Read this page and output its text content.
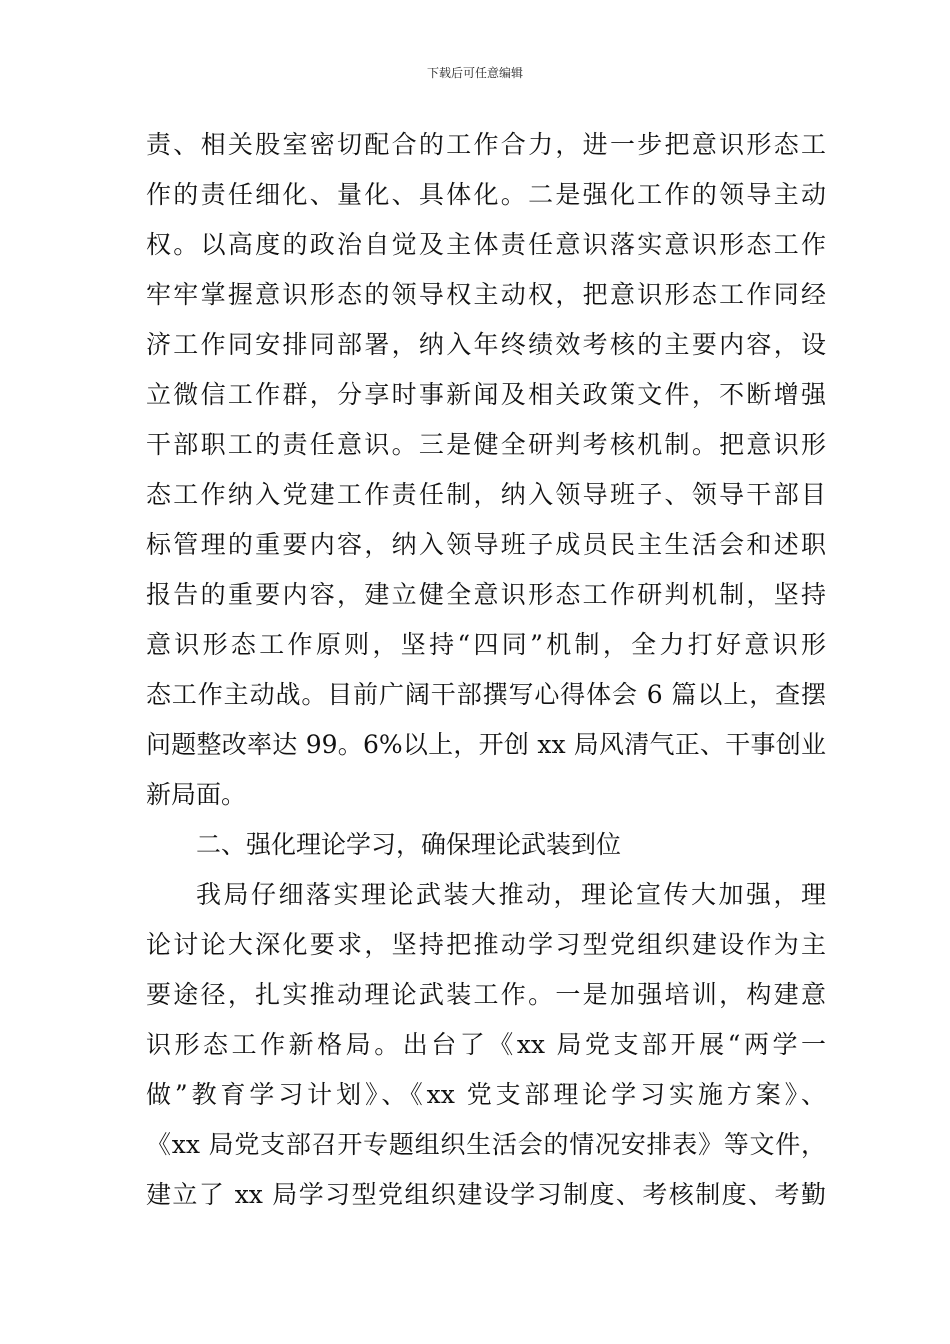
下载后可任意编辑
责、相关股室密切配合的工作合力，进一步把意识形态工
作的责任细化、量化、具体化。二是强化工作的领导主动
权。以高度的政治自觉及主体责任意识落实意识形态工作
牢牢掌握意识形态的领导权主动权，把意识形态工作同经
济工作同安排同部署，纳入年终绩效考核的主要内容，设
立微信工作群，分享时事新闻及相关政策文件，不断增强
干部职工的责任意识。三是健全研判考核机制。把意识形
态工作纳入党建工作责任制，纳入领导班子、领导干部目
标管理的重要内容，纳入领导班子成员民主生活会和述职
报告的重要内容，建立健全意识形态工作研判机制，坚持
意识形态工作原则，坚持“四同”机制，全力打好意识形
态工作主动战。目前广阔干部撰写心得体会 6 篇以上，查摆
问题整改率达 99。6%以上，开创 xx 局风清气正、干事创业
新局面。
二、强化理论学习，确保理论武装到位
我局仔细落实理论武装大推动，理论宣传大加强，理
论讨论大深化要求，坚持把推动学习型党组织建设作为主
要途径，扎实推动理论武装工作。一是加强培训，构建意
识形态工作新格局。出台了《xx 局党支部开展“两学一
做”教育学习计划》、《xx 党支部理论学习实施方案》、
《xx 局党支部召开专题组织生活会的情况安排表》等文件，
建立了 xx 局学习型党组织建设学习制度、考核制度、考勤
